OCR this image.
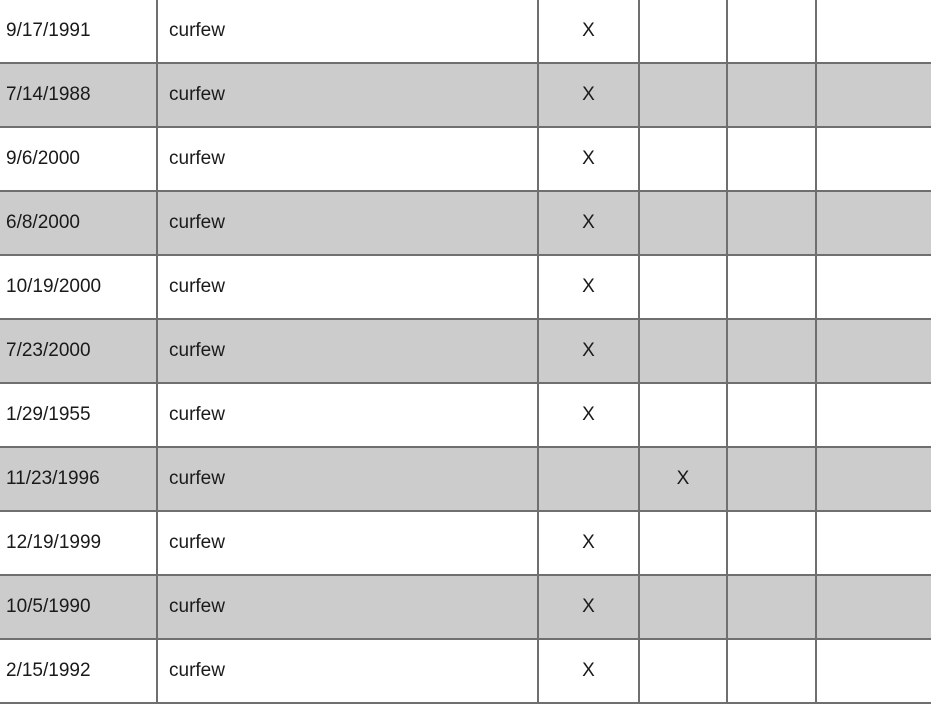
9/17/1991	curfew	X			
7/14/1988	curfew	X			
9/6/2000	curfew	X			
6/8/2000	curfew	X			
10/19/2000	curfew	X			
7/23/2000	curfew	X			
1/29/1955	curfew	X			
11/23/1996	curfew		X		
12/19/1999	curfew	X			
10/5/1990	curfew	X			
2/15/1992	curfew	X			
